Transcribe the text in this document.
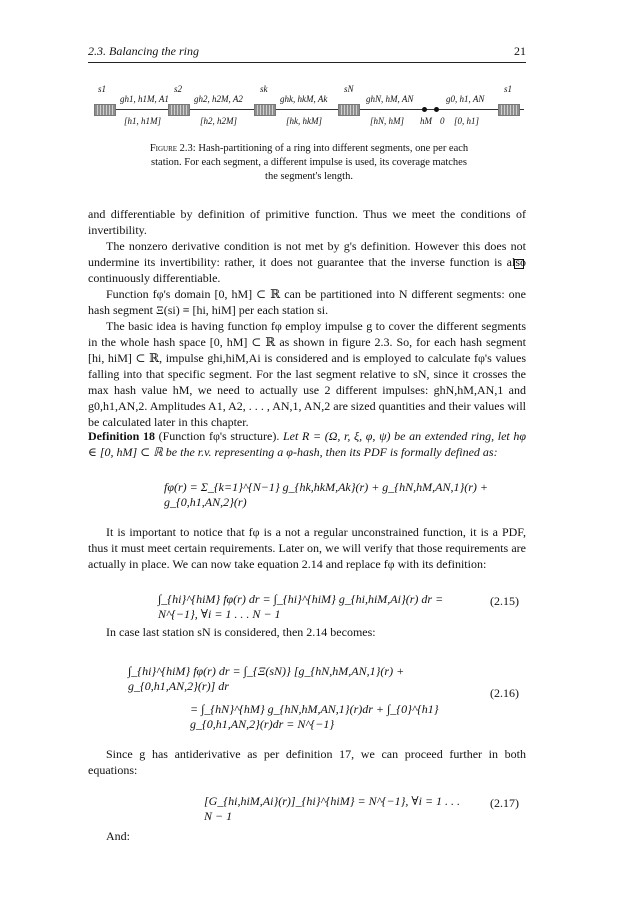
2.3. Balancing the ring	21
s1	s2	sk	sN	s1
gh1, h1M, A1	gh2, h2M, A2	ghk, hkM, Ak	ghN, hM, AN	g0, h1, AN
[h1, h1M]	[h2, h2M]	[hk, hkM]	[hN, hM] hM 0 [0, h1]
Figure 2.3: Hash-partitioning of a ring into different segments, one per each station. For each segment, a different impulse is used, its coverage matches the segment's length.
and differentiable by definition of primitive function. Thus we meet the conditions of invertibility.
The nonzero derivative condition is not met by g's definition. However this does not undermine its invertibility: rather, it does not guarantee that the inverse function is also continuously differentiable.
Function fφ's domain [0, hM] ⊂ ℝ can be partitioned into N different segments: one hash segment Ξ(si) ≡ [hi, hiM] per each station si.
The basic idea is having function fφ employ impulse g to cover the different segments in the whole hash space [0, hM] ⊂ ℝ as shown in figure 2.3. So, for each hash segment [hi, hiM] ⊂ ℝ, impulse ghi,hiM,Ai is considered and is employed to calculate fφ's values falling into that specific segment. For the last segment relative to sN, since it crosses the max hash value hM, we need to actually use 2 different impulses: ghN,hM,AN,1 and g0,h1,AN,2. Amplitudes A1, A2, . . . , AN,1, AN,2 are sized quantities and their values will be calculated later in this chapter.
Definition 18 (Function fφ's structure). Let R = (Ω, r, ξ, φ, ψ) be an extended ring, let hφ ∈ [0, hM] ⊂ ℝ be the r.v. representing a φ-hash, then its PDF is formally defined as:
fφ(r) = Σ_{k=1}^{N−1} g_{hk,hkM,Ak}(r) + g_{hN,hM,AN,1}(r) + g_{0,h1,AN,2}(r)
It is important to notice that fφ is a not a regular unconstrained function, it is a PDF, thus it must meet certain requirements. Later on, we will verify that those requirements are actually in place. We can now take equation 2.14 and replace fφ with its definition:
∫_{hi}^{hiM} fφ(r) dr = ∫_{hi}^{hiM} g_{hi,hiM,Ai}(r) dr = N^{−1}, ∀i = 1 . . . N − 1
(2.15)
In case last station sN is considered, then 2.14 becomes:
∫_{hi}^{hiM} fφ(r) dr = ∫_{Ξ(sN)} [g_{hN,hM,AN,1}(r) + g_{0,h1,AN,2}(r)] dr
= ∫_{hN}^{hM} g_{hN,hM,AN,1}(r)dr + ∫_{0}^{h1} g_{0,h1,AN,2}(r)dr = N^{−1}
(2.16)
Since g has antiderivative as per definition 17, we can proceed further in both equations:
[G_{hi,hiM,Ai}(r)]_{hi}^{hiM} = N^{−1}, ∀i = 1 . . . N − 1
(2.17)
And:
